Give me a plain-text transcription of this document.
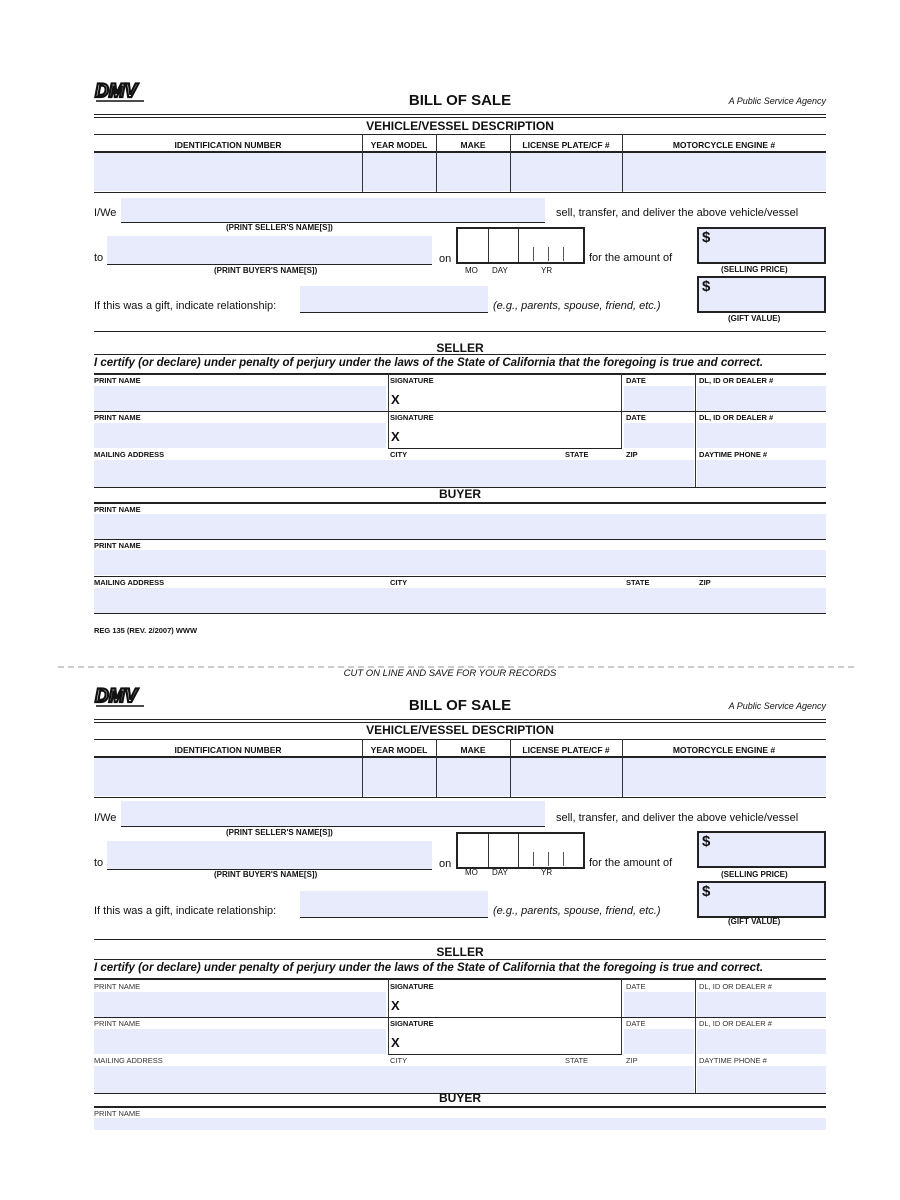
DMV	BILL OF SALE	A Public Service Agency
VEHICLE/VESSEL DESCRIPTION
IDENTIFICATION NUMBER	YEAR MODEL	MAKE	LICENSE PLATE/CF #	MOTORCYCLE ENGINE #
I/We	sell, transfer, and deliver the above vehicle/vessel
(PRINT SELLER'S NAME[S])
to
(PRINT BUYER'S NAME[S])
on
MO DAY	YR
for the amount of
$
(SELLING PRICE)
If this was a gift, indicate relationship:	(e.g., parents, spouse, friend, etc.)
$
(GIFT VALUE)
SELLER
I certify (or declare) under penalty of perjury under the laws of the State of California that the foregoing is true and correct.
PRINT NAME	SIGNATURE	DATE	DL, ID OR DEALER #
X
PRINT NAME	SIGNATURE	DATE	DL, ID OR DEALER #
X
MAILING ADDRESS	CITY	STATE	ZIP	DAYTIME PHONE #
BUYER
PRINT NAME
PRINT NAME
MAILING ADDRESS	CITY	STATE	ZIP
REG 135 (REV. 2/2007) WWW
CUT ON LINE AND SAVE FOR YOUR RECORDS
DMV	BILL OF SALE	A Public Service Agency
VEHICLE/VESSEL DESCRIPTION
IDENTIFICATION NUMBER	YEAR MODEL	MAKE	LICENSE PLATE/CF #	MOTORCYCLE ENGINE #
I/We	sell, transfer, and deliver the above vehicle/vessel
(PRINT SELLER'S NAME[S])
to
(PRINT BUYER'S NAME[S])
on
MO DAY	YR
for the amount of
$
(SELLING PRICE)
If this was a gift, indicate relationship:	(e.g., parents, spouse, friend, etc.)
$
(GIFT VALUE)
SELLER
I certify (or declare) under penalty of perjury under the laws of the State of California that the foregoing is true and correct.
PRINT NAME	SIGNATURE	DATE	DL, ID OR DEALER #
X
PRINT NAME	SIGNATURE	DATE	DL, ID OR DEALER #
X
MAILING ADDRESS	CITY	STATE	ZIP	DAYTIME PHONE #
BUYER
PRINT NAME
